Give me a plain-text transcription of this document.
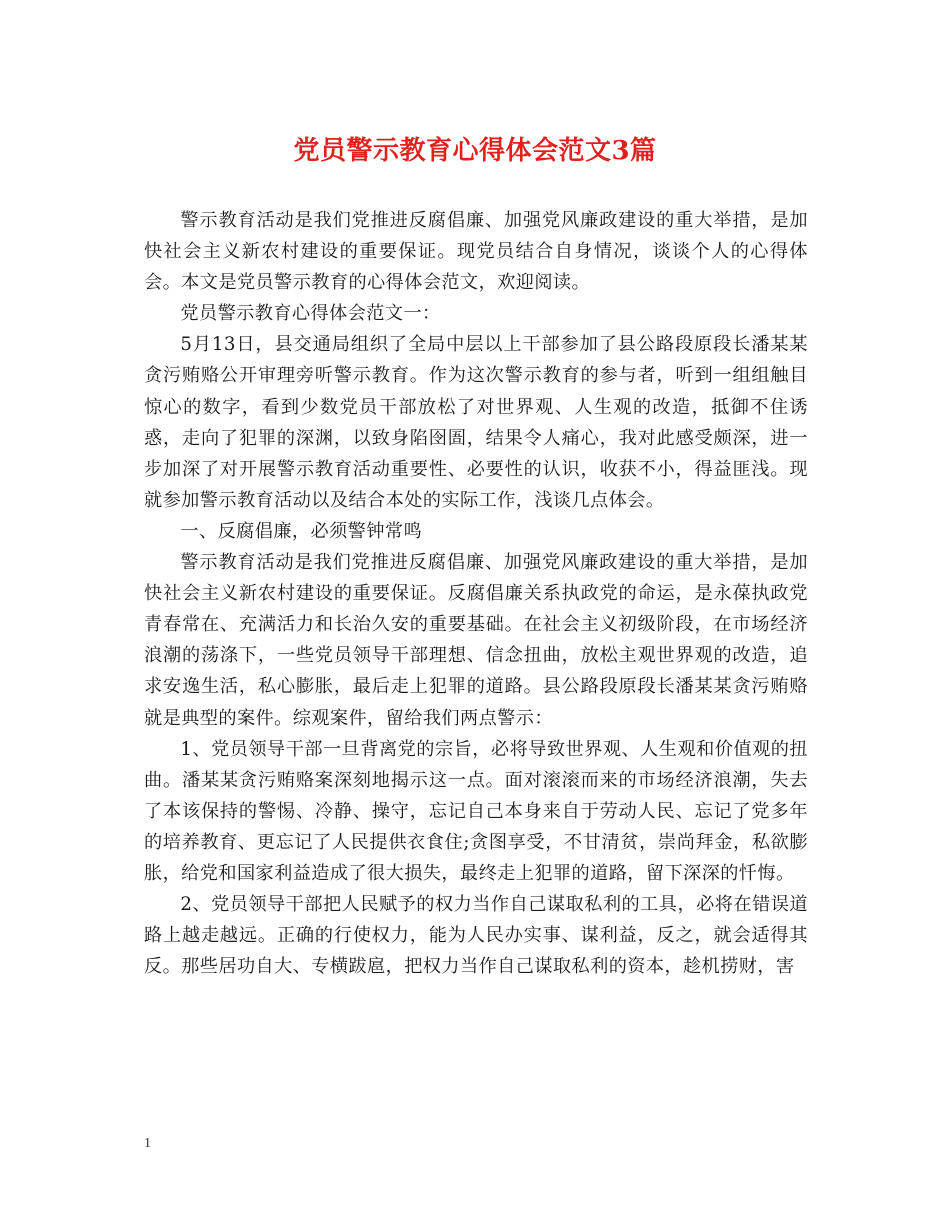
党员警示教育心得体会范文3篇

警示教育活动是我们党推进反腐倡廉、加强党风廉政建设的重大举措，是加快社会主义新农村建设的重要保证。现党员结合自身情况，谈谈个人的心得体会。本文是党员警示教育的心得体会范文，欢迎阅读。

党员警示教育心得体会范文一：

5月13日，县交通局组织了全局中层以上干部参加了县公路段原段长潘某某贪污贿赂公开审理旁听警示教育。作为这次警示教育的参与者，听到一组组触目惊心的数字，看到少数党员干部放松了对世界观、人生观的改造，抵御不住诱惑，走向了犯罪的深渊，以致身陷囹圄，结果令人痛心，我对此感受颇深，进一步加深了对开展警示教育活动重要性、必要性的认识，收获不小，得益匪浅。现就参加警示教育活动以及结合本处的实际工作，浅谈几点体会。

一、反腐倡廉，必须警钟常鸣

警示教育活动是我们党推进反腐倡廉、加强党风廉政建设的重大举措，是加快社会主义新农村建设的重要保证。反腐倡廉关系执政党的命运，是永葆执政党青春常在、充满活力和长治久安的重要基础。在社会主义初级阶段，在市场经济浪潮的荡涤下，一些党员领导干部理想、信念扭曲，放松主观世界观的改造，追求安逸生活，私心膨胀，最后走上犯罪的道路。县公路段原段长潘某某贪污贿赂就是典型的案件。综观案件，留给我们两点警示：

1、党员领导干部一旦背离党的宗旨，必将导致世界观、人生观和价值观的扭曲。潘某某贪污贿赂案深刻地揭示这一点。面对滚滚而来的市场经济浪潮，失去了本该保持的警惕、冷静、操守，忘记自己本身来自于劳动人民、忘记了党多年的培养教育、更忘记了人民提供衣食住;贪图享受，不甘清贫，崇尚拜金，私欲膨胀，给党和国家利益造成了很大损失，最终走上犯罪的道路，留下深深的忏悔。

2、党员领导干部把人民赋予的权力当作自己谋取私利的工具，必将在错误道路上越走越远。正确的行使权力，能为人民办实事、谋利益，反之，就会适得其反。那些居功自大、专横跋扈，把权力当作自己谋取私利的资本，趁机捞财，害

1
